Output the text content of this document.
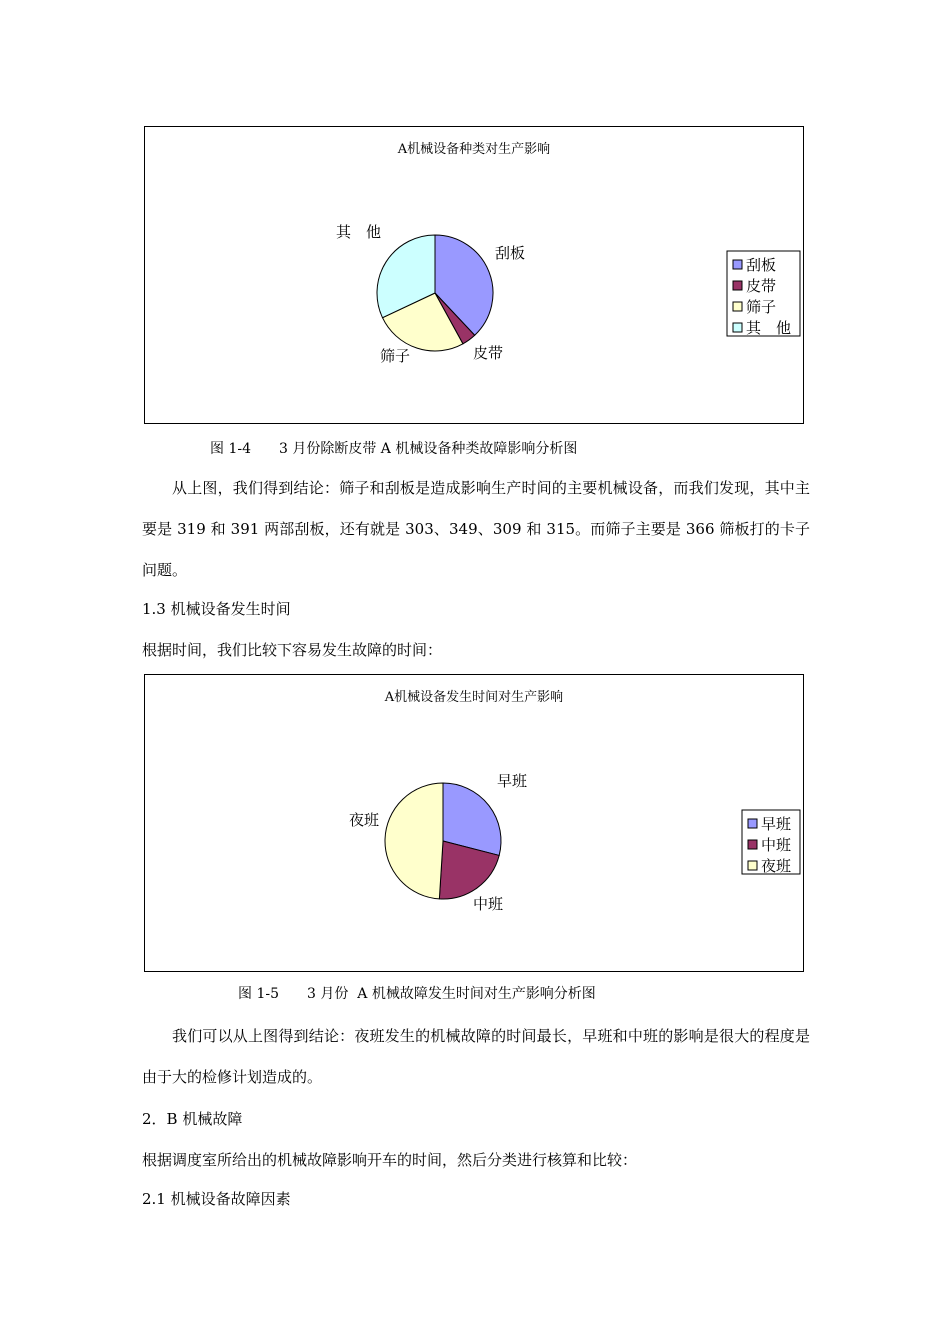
A机械设备种类对生产影响
刮板
皮带
筛子
其　他
刮板
皮带
筛子
其　他
图 1-4　　3 月份除断皮带 A 机械设备种类故障影响分析图
从上图，我们得到结论：筛子和刮板是造成影响生产时间的主要机械设备，而我们发现，其中主要是 319 和 391 两部刮板，还有就是 303、349、309 和 315。而筛子主要是 366 筛板打的卡子问题。
1.3 机械设备发生时间
根据时间，我们比较下容易发生故障的时间：
A机械设备发生时间对生产影响
早班
中班
夜班	早班
中班
夜班
图 1-5　　3 月份  A 机械故障发生时间对生产影响分析图
我们可以从上图得到结论：夜班发生的机械故障的时间最长，早班和中班的影响是很大的程度是由于大的检修计划造成的。
2．B 机械故障
根据调度室所给出的机械故障影响开车的时间，然后分类进行核算和比较：
2.1 机械设备故障因素
